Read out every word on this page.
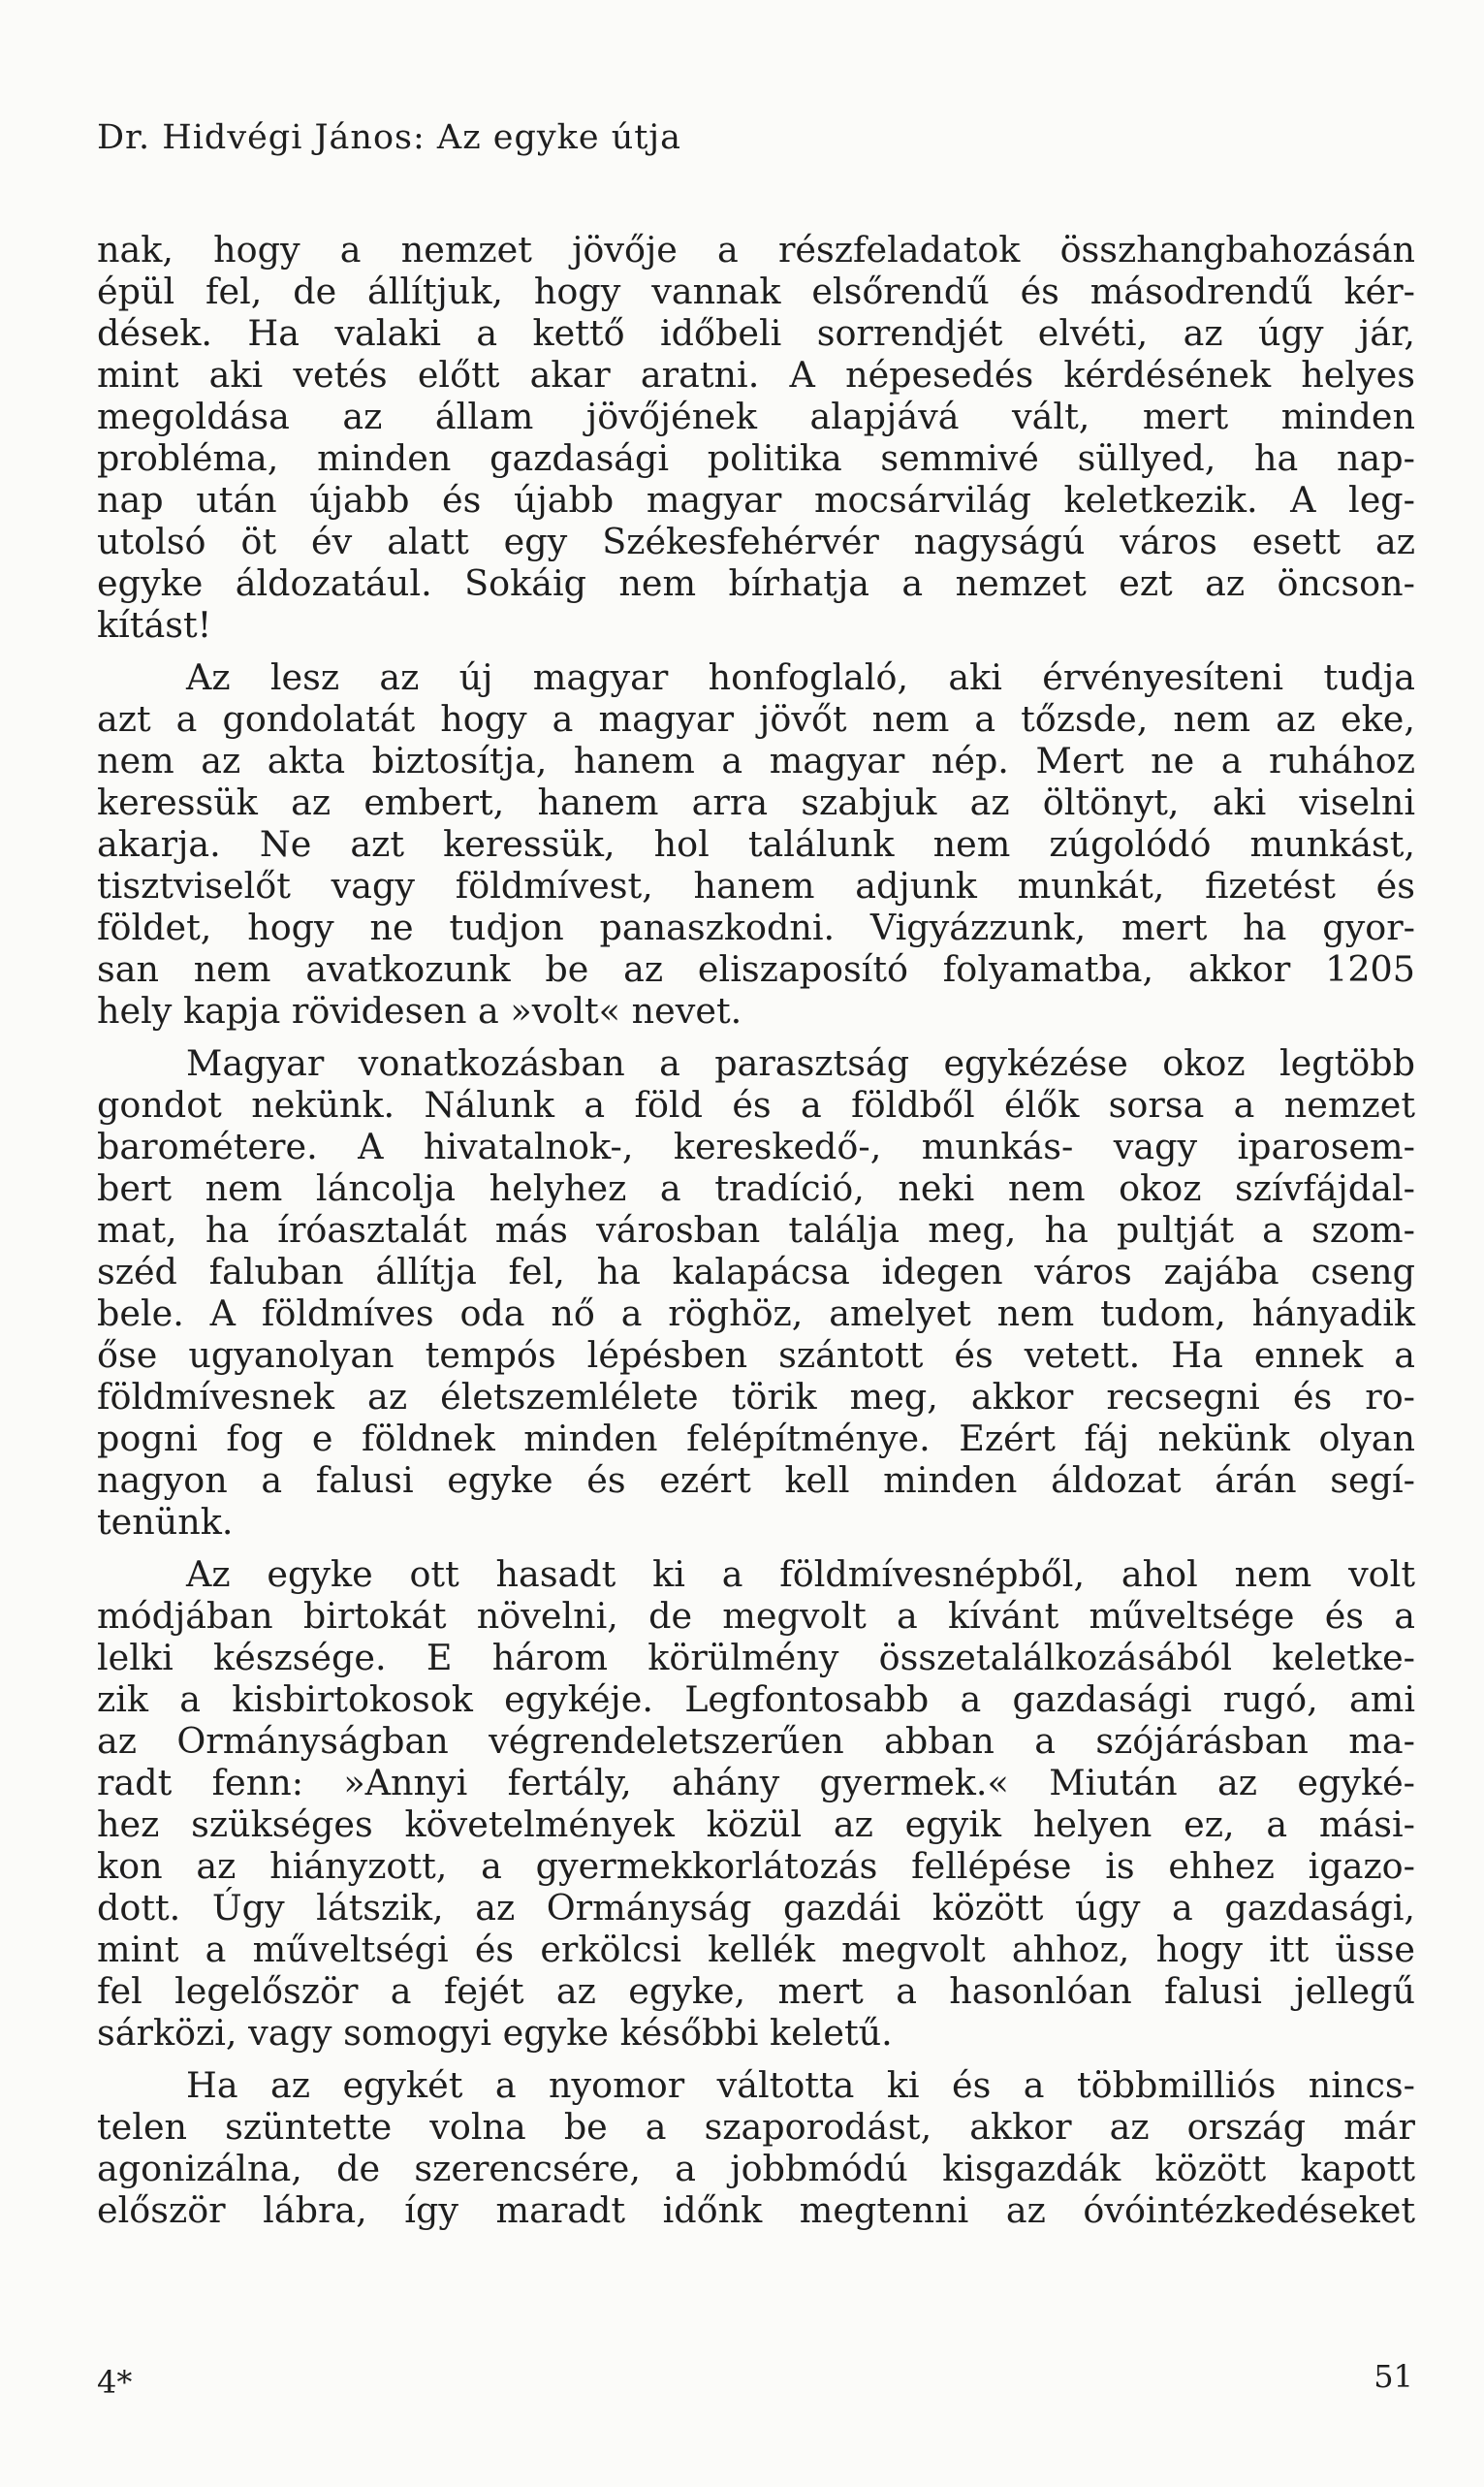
Dr. Hidvégi János: Az egyke útja
nak, hogy a nemzet jövője a részfeladatok összhangbahozásán
épül fel, de állítjuk, hogy vannak elsőrendű és másodrendű kér-
dések. Ha valaki a kettő időbeli sorrendjét elvéti, az úgy jár,
mint aki vetés előtt akar aratni. A népesedés kérdésének helyes
megoldása az állam jövőjének alapjává vált, mert minden
probléma, minden gazdasági politika semmivé süllyed, ha nap-
nap után újabb és újabb magyar mocsárvilág keletkezik. A leg-
utolsó öt év alatt egy Székesfehérvér nagyságú város esett az
egyke áldozatául. Sokáig nem bírhatja a nemzet ezt az öncson-
kítást!
Az lesz az új magyar honfoglaló, aki érvényesíteni tudja
azt a gondolatát hogy a magyar jövőt nem a tőzsde, nem az eke,
nem az akta biztosítja, hanem a magyar nép. Mert ne a ruhához
keressük az embert, hanem arra szabjuk az öltönyt, aki viselni
akarja. Ne azt keressük, hol találunk nem zúgolódó munkást,
tisztviselőt vagy földmívest, hanem adjunk munkát, fizetést és
földet, hogy ne tudjon panaszkodni. Vigyázzunk, mert ha gyor-
san nem avatkozunk be az eliszaposító folyamatba, akkor 1205
hely kapja rövidesen a »volt« nevet.
Magyar vonatkozásban a parasztság egykézése okoz legtöbb
gondot nekünk. Nálunk a föld és a földből élők sorsa a nemzet
barométere. A hivatalnok-, kereskedő-, munkás- vagy iparosem-
bert nem láncolja helyhez a tradíció, neki nem okoz szívfájdal-
mat, ha íróasztalát más városban találja meg, ha pultját a szom-
széd faluban állítja fel, ha kalapácsa idegen város zajába cseng
bele. A földmíves oda nő a röghöz, amelyet nem tudom, hányadik
őse ugyanolyan tempós lépésben szántott és vetett. Ha ennek a
földmívesnek az életszemlélete törik meg, akkor recsegni és ro-
pogni fog e földnek minden felépítménye. Ezért fáj nekünk olyan
nagyon a falusi egyke és ezért kell minden áldozat árán segí-
tenünk.
Az egyke ott hasadt ki a földmívesnépből, ahol nem volt
módjában birtokát növelni, de megvolt a kívánt műveltsége és a
lelki készsége. E három körülmény összetalálkozásából keletke-
zik a kisbirtokosok egykéje. Legfontosabb a gazdasági rugó, ami
az Ormányságban végrendeletszerűen abban a szójárásban ma-
radt fenn: »Annyi fertály, ahány gyermek.« Miután az egyké-
hez szükséges követelmények közül az egyik helyen ez, a mási-
kon az hiányzott, a gyermekkorlátozás fellépése is ehhez igazo-
dott. Úgy látszik, az Ormányság gazdái között úgy a gazdasági,
mint a műveltségi és erkölcsi kellék megvolt ahhoz, hogy itt üsse
fel legelőször a fejét az egyke, mert a hasonlóan falusi jellegű
sárközi, vagy somogyi egyke későbbi keletű.
Ha az egykét a nyomor váltotta ki és a többmilliós nincs-
telen szüntette volna be a szaporodást, akkor az ország már
agonizálna, de szerencsére, a jobbmódú kisgazdák között kapott
először lábra, így maradt időnk megtenni az óvóintézkedéseket
4*	51
